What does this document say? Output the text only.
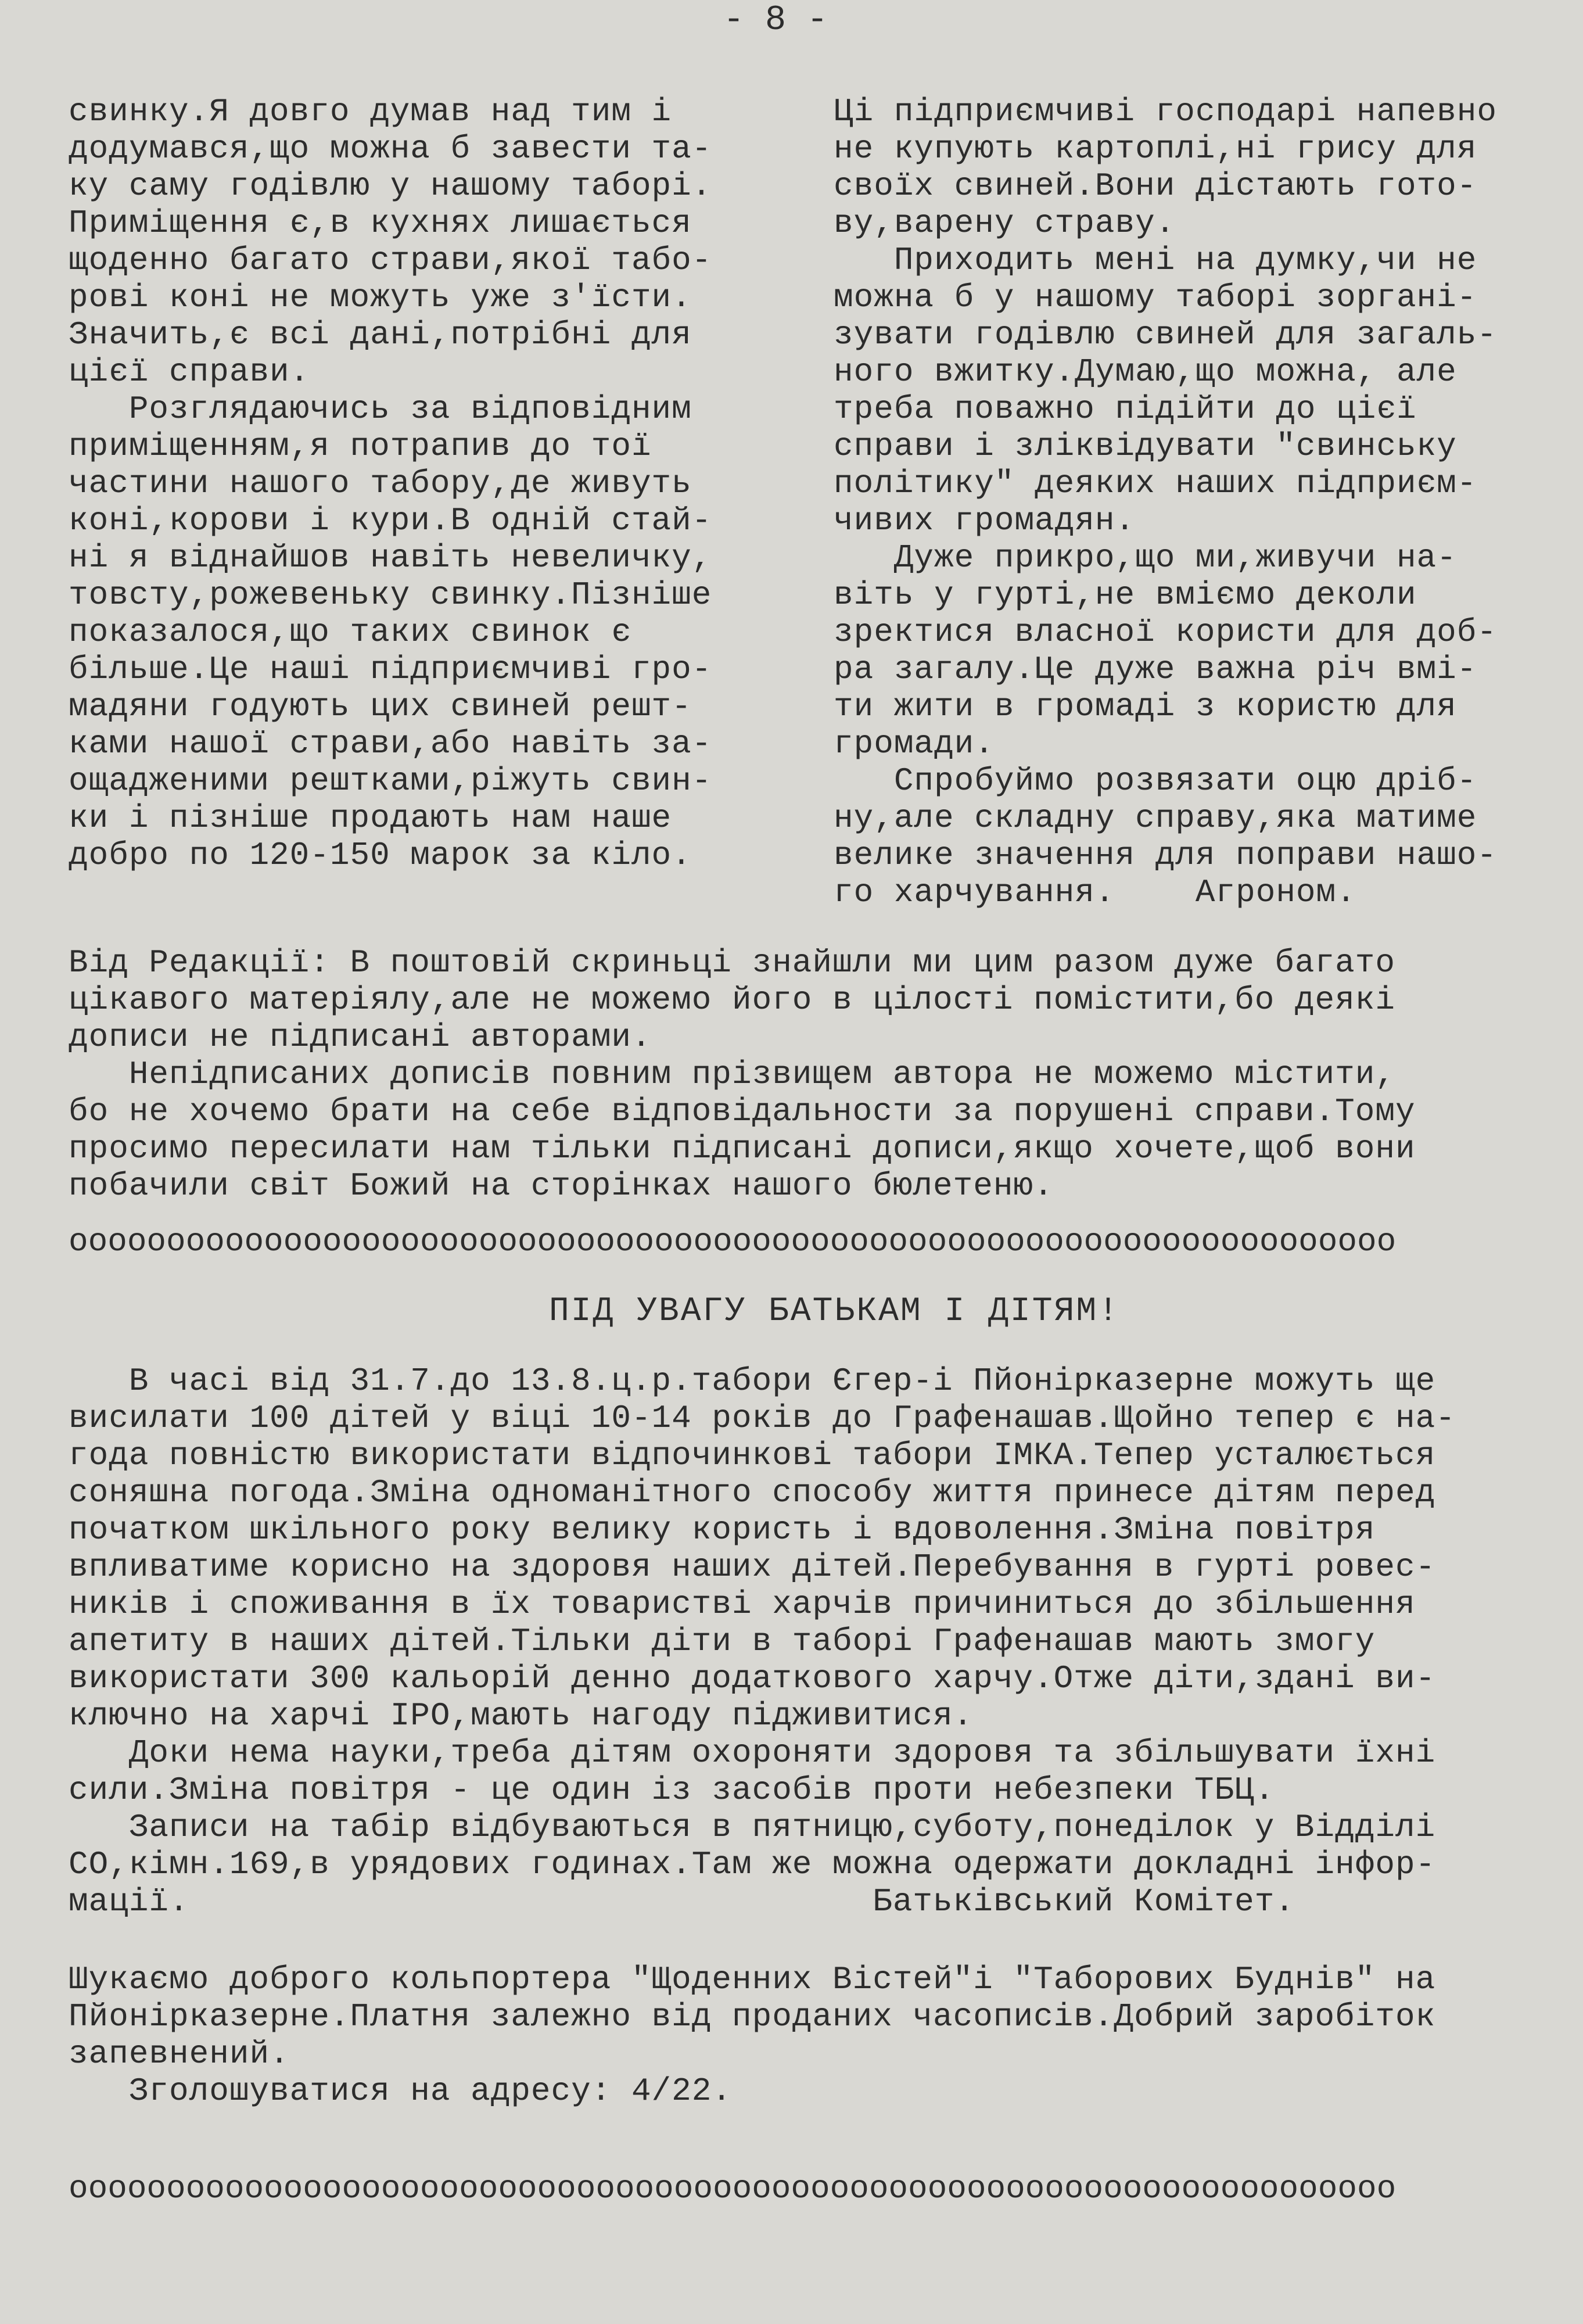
- 8 -

свинку.Я довго думав над тим і

додумався,що можна б завести та-

ку саму годівлю у нашому таборі.

Приміщення є,в кухнях лишається

щоденно багато страви,якої табо-

рові коні не можуть уже з'їсти.

Значить,є всі дані,потрібні для

цієї справи.

Розглядаючись за відповідним

приміщенням,я потрапив до тої

частини нашого табору,де живуть

коні,корови і кури.В одній стай-

ні я віднайшов навіть невеличку,

товсту,рожевеньку свинку.Пізніше

показалося,що таких свинок є

більше.Це наші підприємчиві гро-

мадяни годують цих свиней решт-

ками нашої страви,або навіть за-

ощадженими рештками,ріжуть свин-

ки і пізніше продають нам наше

добро по 120-150 марок за кіло.

Ці підприємчиві господарі напевно

не купують картоплі,ні грису для

своїх свиней.Вони дістають гото-

ву,варену страву.

Приходить мені на думку,чи не

можна б у нашому таборі зоргані-

зувати годівлю свиней для загаль-

ного вжитку.Думаю,що можна, але

треба поважно підійти до цієї

справи і зліквідувати "свинську

політику" деяких наших підприєм-

чивих громадян.

Дуже прикро,що ми,живучи на-

віть у гурті,не вміємо деколи

зректися власної користи для доб-

ра загалу.Це дуже важна річ вмі-

ти жити в громаді з користю для

громади.

Спробуймо розвязати оцю дріб-

ну,але складну справу,яка матиме

велике значення для поправи нашо-

го харчування.    Агроном.

Від Редакції: В поштовій скриньці знайшли ми цим разом дуже багато

цікавого матеріялу,але не можемо його в цілості помістити,бо деякі

дописи не підписані авторами.

Непідписаних дописів повним прізвищем автора не можемо містити,

бо не хочемо брати на себе відповідальности за порушені справи.Тому

просимо пересилати нам тільки підписані дописи,якщо хочете,щоб вони

побачили світ Божий на сторінках нашого бюлетеню.

oooooooooooooooooooooooooooooooooooooooooooooooooooooooooooooooooooo
ПІД УВАГУ БАТЬКАМ І ДІТЯМ!

В часі від 31.7.до 13.8.ц.р.табори Єгер-і Пйонірказерне можуть ще

висилати 100 дітей у віці 10-14 років до Графенашав.Щойно тепер є на-

года повністю використати відпочинкові табори ІМКА.Тепер усталюється

соняшна погода.Зміна одноманітного способу життя принесе дітям перед

початком шкільного року велику користь і вдоволення.Зміна повітря

впливатиме корисно на здоровя наших дітей.Перебування в гурті ровес-

ників і споживання в їх товаристві харчів причиниться до збільшення

апетиту в наших дітей.Тільки діти в таборі Графенашав мають змогу

використати 300 кальорій денно додаткового харчу.Отже діти,здані ви-

ключно на харчі ІРО,мають нагоду підживитися.

Доки нема науки,треба дітям охороняти здоровя та збільшувати їхні

сили.Зміна повітря - це один із засобів проти небезпеки ТБЦ.

Записи на табір відбуваються в пятницю,суботу,понеділок у Відділі

СО,кімн.169,в урядових годинах.Там же можна одержати докладні інфор-

мації.                                  Батьківський Комітет.

Шукаємо доброго кольпортера "Щоденних Вістей"і "Таборових Буднів" на

Пйонірказерне.Платня залежно від проданих часописів.Добрий заробіток

запевнений.

Зголошуватися на адресу: 4/22.

oooooooooooooooooooooooooooooooooooooooooooooooooooooooooooooooooooo
